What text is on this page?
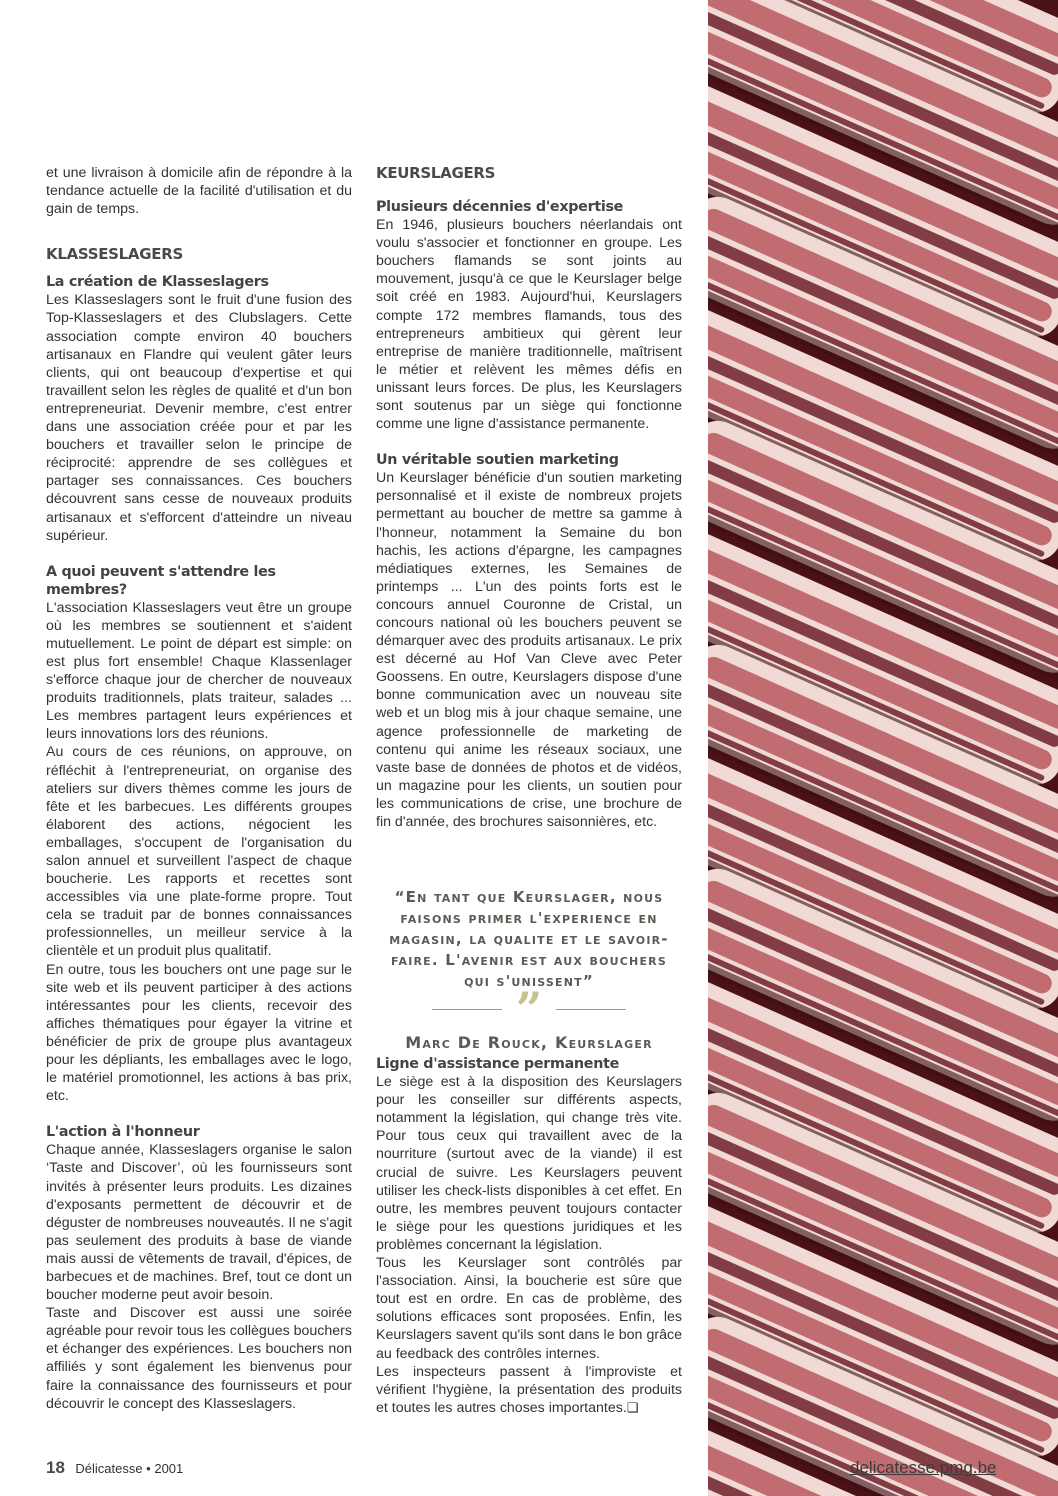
et une livraison à domicile afin de répondre à la tendance actuelle de la facilité d'utilisation et du gain de temps.

KLASSESLAGERS
La création de Klasseslagers

Les Klasseslagers sont le fruit d'une fusion des Top-Klasseslagers et des Clubslagers. Cette association compte environ 40 bouchers artisanaux en Flandre qui veulent gâter leurs clients, qui ont beaucoup d'expertise et qui travaillent selon les règles de qualité et d'un bon entrepreneuriat. Devenir membre, c'est entrer dans une association créée pour et par les bouchers et travailler selon le principe de réciprocité: apprendre de ses collègues et partager ses connaissances. Ces bouchers découvrent sans cesse de nouveaux produits artisanaux et s'efforcent d'atteindre un niveau supérieur.

A quoi peuvent s'attendre les membres?

L'association Klasseslagers veut être un groupe où les membres se soutiennent et s'aident mutuellement. Le point de départ est simple: on est plus fort ensemble! Chaque Klassenlager s'efforce chaque jour de chercher de nouveaux produits traditionnels, plats traiteur, salades ... Les membres partagent leurs expériences et leurs innovations lors des réunions.

Au cours de ces réunions, on approuve, on réfléchit à l'entrepreneuriat, on organise des ateliers sur divers thèmes comme les jours de fête et les barbecues. Les différents groupes élaborent des actions, négocient les emballages, s'occupent de l'organisation du salon annuel et surveillent l'aspect de chaque boucherie. Les rapports et recettes sont accessibles via une plate-forme propre. Tout cela se traduit par de bonnes connaissances professionnelles, un meilleur service à la clientèle et un produit plus qualitatif.

En outre, tous les bouchers ont une page sur le site web et ils peuvent participer à des actions intéressantes pour les clients, recevoir des affiches thématiques pour égayer la vitrine et bénéficier de prix de groupe plus avantageux pour les dépliants, les emballages avec le logo, le matériel promotionnel, les actions à bas prix, etc.

L'action à l'honneur

Chaque année, Klasseslagers organise le salon ‘Taste and Discover’, où les fournisseurs sont invités à présenter leurs produits. Les dizaines d'exposants permettent de découvrir et de déguster de nombreuses nouveautés. Il ne s'agit pas seulement des produits à base de viande mais aussi de vêtements de travail, d'épices, de barbecues et de machines. Bref, tout ce dont un boucher moderne peut avoir besoin.

Taste and Discover est aussi une soirée agréable pour revoir tous les collègues bouchers et échanger des expériences. Les bouchers non affiliés y sont également les bienvenus pour faire la connaissance des fournisseurs et pour découvrir le concept des Klasseslagers.

KEURSLAGERS
Plusieurs décennies d'expertise

En 1946, plusieurs bouchers néerlandais ont voulu s'associer et fonctionner en groupe. Les bouchers flamands se sont joints au mouvement, jusqu'à ce que le Keurslager belge soit créé en 1983. Aujourd'hui, Keurslagers compte 172 membres flamands, tous des entrepreneurs ambitieux qui gèrent leur entreprise de manière traditionnelle, maîtrisent le métier et relèvent les mêmes défis en unissant leurs forces. De plus, les Keurslagers sont soutenus par un siège qui fonctionne comme une ligne d'assistance permanente.

Un véritable soutien marketing

Un Keurslager bénéficie d'un soutien marketing personnalisé et il existe de nombreux projets permettant au boucher de mettre sa gamme à l'honneur, notamment la Semaine du bon hachis, les actions d'épargne, les campagnes médiatiques externes, les Semaines de printemps ... L'un des points forts est le concours annuel Couronne de Cristal, un concours national où les bouchers peuvent se démarquer avec des produits artisanaux. Le prix est décerné au Hof Van Cleve avec Peter Goossens. En outre, Keurslagers dispose d'une bonne communication avec un nouveau site web et un blog mis à jour chaque semaine, une agence professionnelle de marketing de contenu qui anime les réseaux sociaux, une vaste base de données de photos et de vidéos, un magazine pour les clients, un soutien pour les communications de crise, une brochure de fin d'année, des brochures saisonnières, etc.

Ligne d'assistance permanente

Le siège est à la disposition des Keurslagers pour les conseiller sur différents aspects, notamment la législation, qui change très vite. Pour tous ceux qui travaillent avec de la nourriture (surtout avec de la viande) il est crucial de suivre. Les Keurslagers peuvent utiliser les check-lists disponibles à cet effet. En outre, les membres peuvent toujours contacter le siège pour les questions juridiques et les problèmes concernant la législation.

Tous les Keurslager sont contrôlés par l'association. Ainsi, la boucherie est sûre que tout est en ordre. En cas de problème, des solutions efficaces sont proposées. Enfin, les Keurslagers savent qu'ils sont dans le bon grâce au feedback des contrôles internes.

Les inspecteurs passent à l'improviste et vérifient l'hygiène, la présentation des produits et toutes les autres choses importantes.❑

“En tant que Keurslager, nous faisons primer l'experience en magasin, la qualite et le savoir-faire. L'avenir est aux bouchers qui s'unissent”
”
Marc De Rouck, Keurslager
18 Délicatesse • 2001	delicatesse.pmg.be
